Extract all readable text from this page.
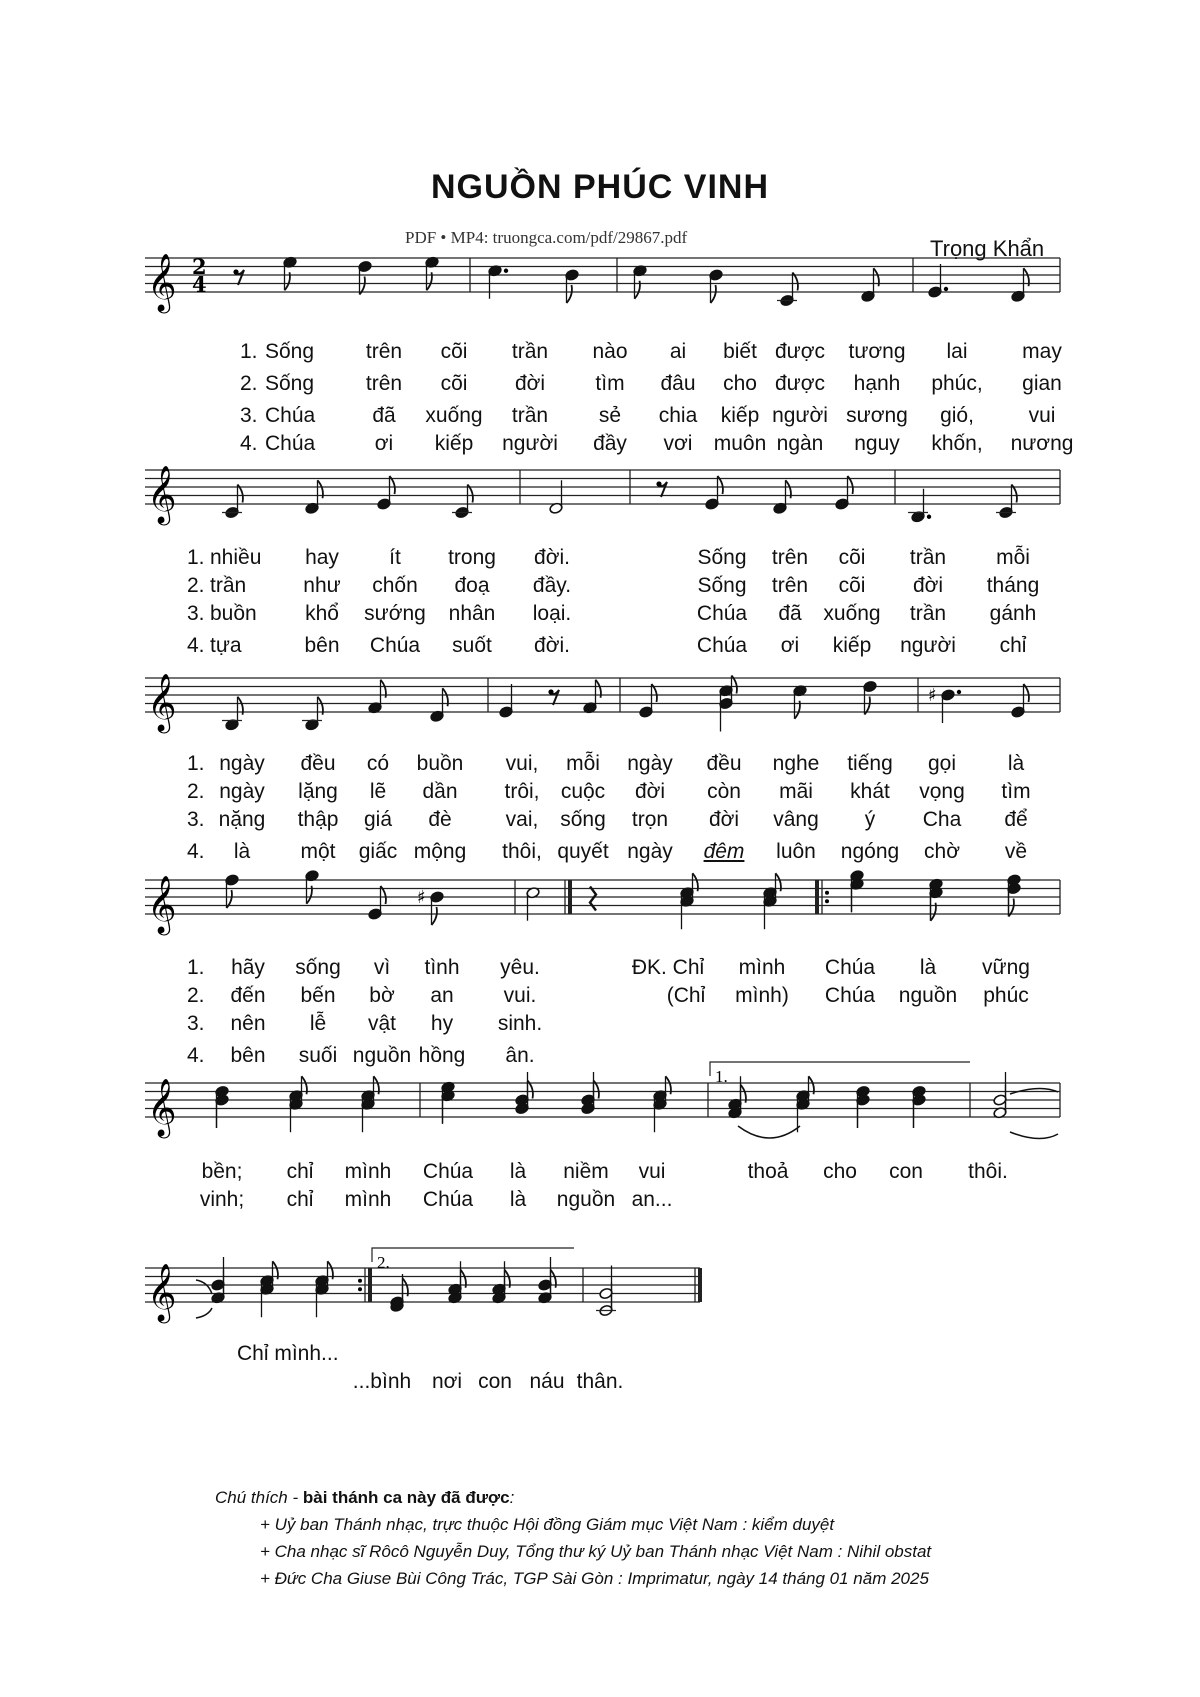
NGUỒN PHÚC VINH
PDF • MP4: truongca.com/pdf/29867.pdf	Trọng Khẩn
𝄞 2
4
𝄞
𝄞	♯
𝄞	♯
𝄞
1.
𝄞
2.
1. Sống trên cõi trần nào ai biết được tương lai	may
2. Sống trên cõi đời tìm đâu cho được hạnh phúc, gian
3. Chúa	đã xuống trần sẻ chia kiếp người sương gió,	vui
4. Chúa	ơi kiếp người đầy vơi muôn ngàn nguy khốn, nương
1. nhiều hay ít trong đời.	Sống trên cõi trần mỗi
2. trần	như chốn đoạ đầy.	Sống trên cõi đời tháng
3. buồn khổ sướng nhân loại.	Chúa đã xuống trần gánh
4. tựa	bên Chúa suốt đời.	Chúa ơi kiếp người chỉ
1. ngày đều có buồn vui, mỗi ngày đều nghe tiếng gọi là
2. ngày lặng lẽ dần trôi, cuộc đời còn mãi khát vọng tìm
3. nặng thập giá đè	vai, sống trọn đời vâng ý Cha để
4. là một giấc mộng thôi, quyết ngày đêm luôn ngóng chờ về
1. hãy sống vì tình yêu.
2. đến bến bờ an vui.
3. nên lễ vật hy sinh.
4. bên suối nguồn hồng ân.
ĐK. Chỉ mình Chúa là vững
(Chỉ mình) Chúa nguồn phúc
bền; chỉ mình Chúa là niềm vui	thoả cho con thôi.
vinh; chỉ mình Chúa là nguồn an...
Chỉ mình...
...bình nơi con náu thân.
Chú thích - bài thánh ca này đã được:
+ Uỷ ban Thánh nhạc, trực thuộc Hội đồng Giám mục Việt Nam : kiểm duyệt
+ Cha nhạc sĩ Rôcô Nguyễn Duy, Tổng thư ký Uỷ ban Thánh nhạc Việt Nam : Nihil obstat
+ Đức Cha Giuse Bùi Công Trác, TGP Sài Gòn : Imprimatur, ngày 14 tháng 01 năm 2025
